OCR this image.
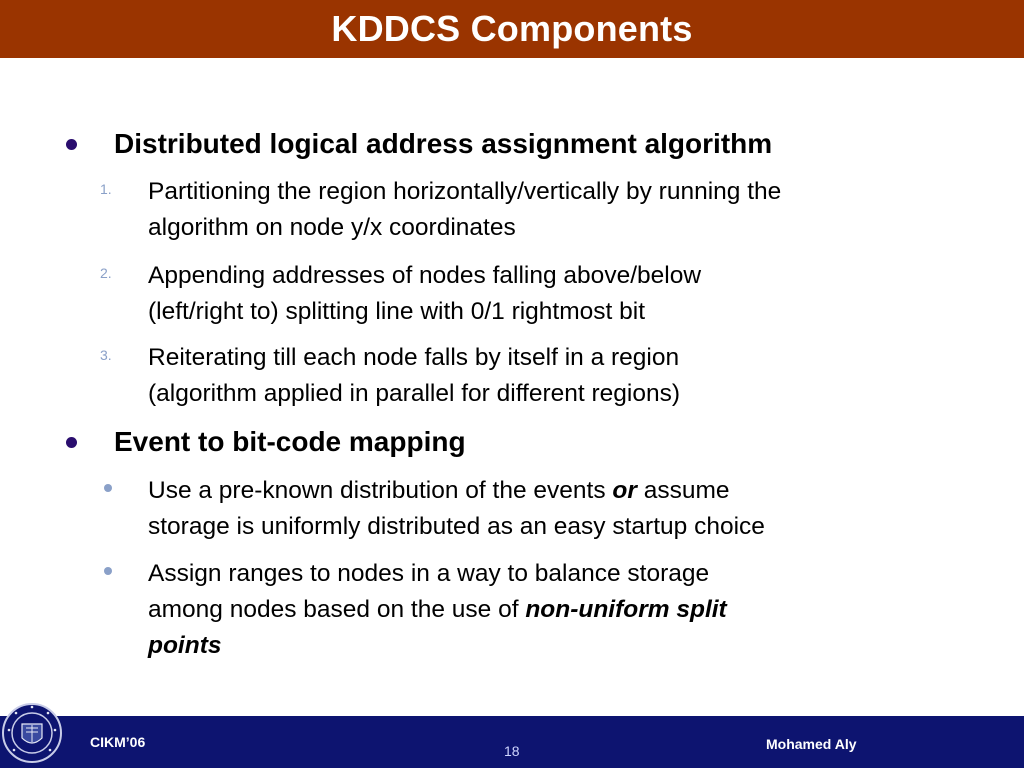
KDDCS Components
Distributed logical address assignment algorithm
1. Partitioning the region horizontally/vertically by running the
algorithm on node y/x coordinates
2. Appending addresses of nodes falling above/below
(left/right to) splitting line with 0/1 rightmost bit
3. Reiterating till each node falls by itself in a region
(algorithm applied in parallel for different regions)
Event to bit-code mapping
Use a pre-known distribution of the events or assume
storage is uniformly distributed as an easy startup choice
Assign ranges to nodes in a way to balance storage
among nodes based on the use of non-uniform split
points
CIKM’06
18	Mohamed Aly
